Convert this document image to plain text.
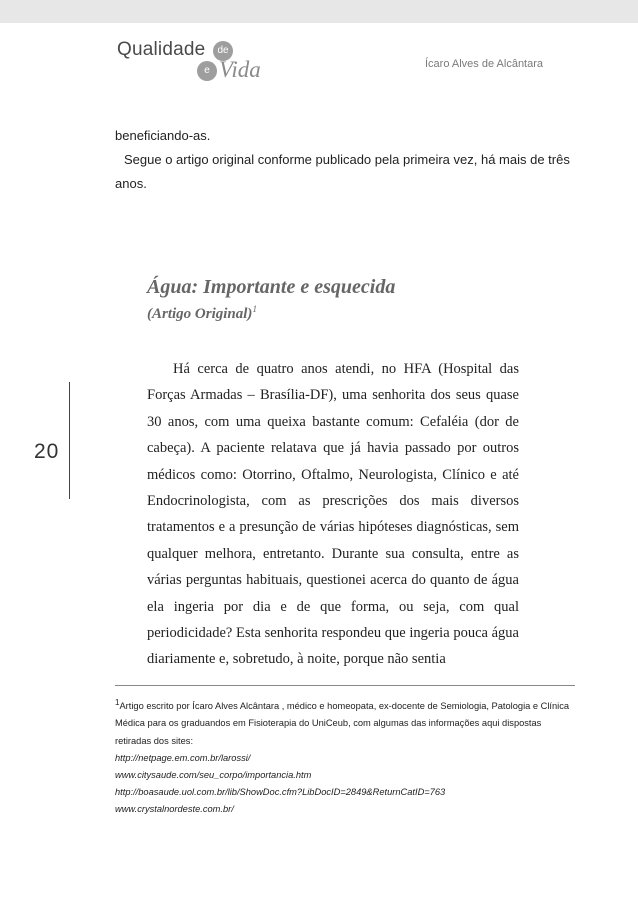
Qualidade	de
e Vida	Ícaro Alves de Alcântara

beneficiando-as.

Segue o artigo original conforme publicado pela primeira vez, há mais de três anos.

Água: Importante e esquecida
(Artigo Original)$^1$

Há cerca de quatro anos atendi, no HFA (Hospital das Forças Armadas – Brasília-DF), uma senhorita dos seus quase 30 anos, com uma queixa bastante comum: Cefaléia (dor de cabeça). A paciente relatava que já havia passado por outros médicos como: Otorrino, Oftalmo, Neurologista, Clínico e até Endocrinologista, com as prescrições dos mais diversos tratamentos e a presunção de várias hipóteses diagnósticas, sem qualquer melhora, entretanto. Durante sua consulta, entre as várias perguntas habituais, questionei acerca do quanto de água ela ingeria por dia e de que forma, ou seja, com qual periodicidade? Esta senhorita respondeu que ingeria pouca água diariamente e, sobretudo, à noite, porque não sentia

20

$^1$Artigo escrito por Ícaro Alves Alcântara , médico e homeopata, ex-docente de Semiologia, Patologia e Clínica Médica para os graduandos em Fisioterapia do UniCeub, com algumas das informações aqui dispostas retiradas dos sites:

http://netpage.em.com.br/larossi/

www.citysaude.com/seu_corpo/importancia.htm

http://boasaude.uol.com.br/lib/ShowDoc.cfm?LibDocID=2849&ReturnCatID=763

www.crystalnordeste.com.br/
